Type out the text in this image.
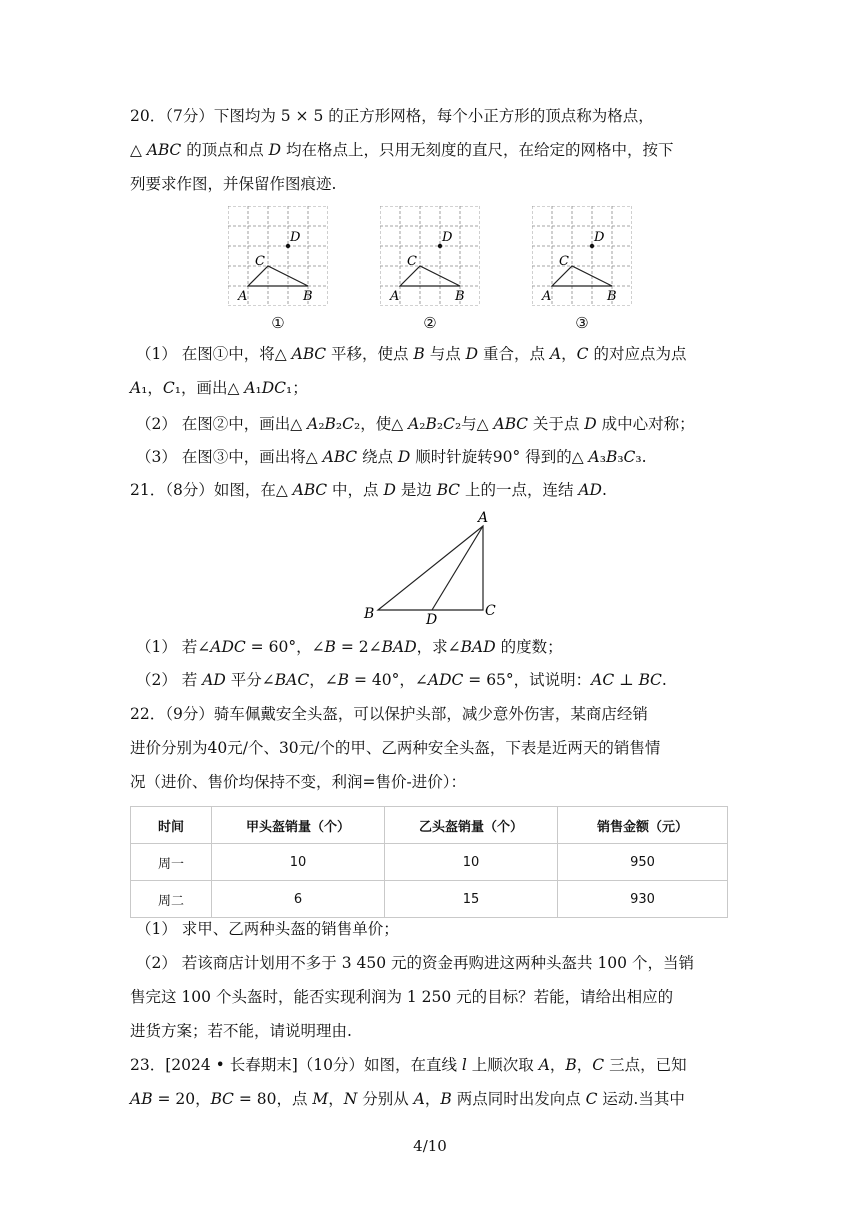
20．（7分）下图均为 5 × 5 的正方形网格，每个小正方形的顶点称为格点，
△ 𝐴𝐵𝐶 的顶点和点 𝐷 均在格点上，只用无刻度的直尺，在给定的网格中，按下
列要求作图，并保留作图痕迹.
A	B
C
D
A	B
C
D
A	B
C
D
①	②	③
（1） 在图①中，将△ 𝐴𝐵𝐶 平移，使点 𝐵 与点 𝐷 重合，点 𝐴，𝐶 的对应点为点
𝐴₁，𝐶₁，画出△ 𝐴₁𝐷𝐶₁；
（2） 在图②中，画出△ 𝐴₂𝐵₂𝐶₂，使△ 𝐴₂𝐵₂𝐶₂与△ 𝐴𝐵𝐶 关于点 𝐷 成中心对称；
（3） 在图③中，画出将△ 𝐴𝐵𝐶 绕点 𝐷 顺时针旋转90° 得到的△ 𝐴₃𝐵₃𝐶₃.
21．（8分）如图，在△ 𝐴𝐵𝐶 中，点 𝐷 是边 𝐵𝐶 上的一点，连结 𝐴𝐷.
A
B	C
D
（1） 若∠𝐴𝐷𝐶 = 60°，∠𝐵 = 2∠𝐵𝐴𝐷，求∠𝐵𝐴𝐷 的度数；
（2） 若 𝐴𝐷 平分∠𝐵𝐴𝐶，∠𝐵 = 40°，∠𝐴𝐷𝐶 = 65°，试说明：𝐴𝐶 ⊥ 𝐵𝐶.
22．（9分）骑车佩戴安全头盔，可以保护头部，减少意外伤害，某商店经销
进价分别为40元/个、30元/个的甲、乙两种安全头盔，下表是近两天的销售情
况（进价、售价均保持不变，利润=售价-进价）：
时间	甲头盔销量（个）	乙头盔销量（个）	销售金额（元）
周一	10	10	950
周二	6	15	930
（1） 求甲、乙两种头盔的销售单价；
（2） 若该商店计划用不多于 3 450 元的资金再购进这两种头盔共 100 个，当销
售完这 100 个头盔时，能否实现利润为 1 250 元的目标？若能，请给出相应的
进货方案；若不能，请说明理由.
23．[2024 • 长春期末]（10分）如图，在直线 𝑙 上顺次取 𝐴，𝐵，𝐶 三点，已知
𝐴𝐵 = 20，𝐵𝐶 = 80，点 𝑀，𝑁 分别从 𝐴，𝐵 两点同时出发向点 𝐶 运动.当其中
4/10
